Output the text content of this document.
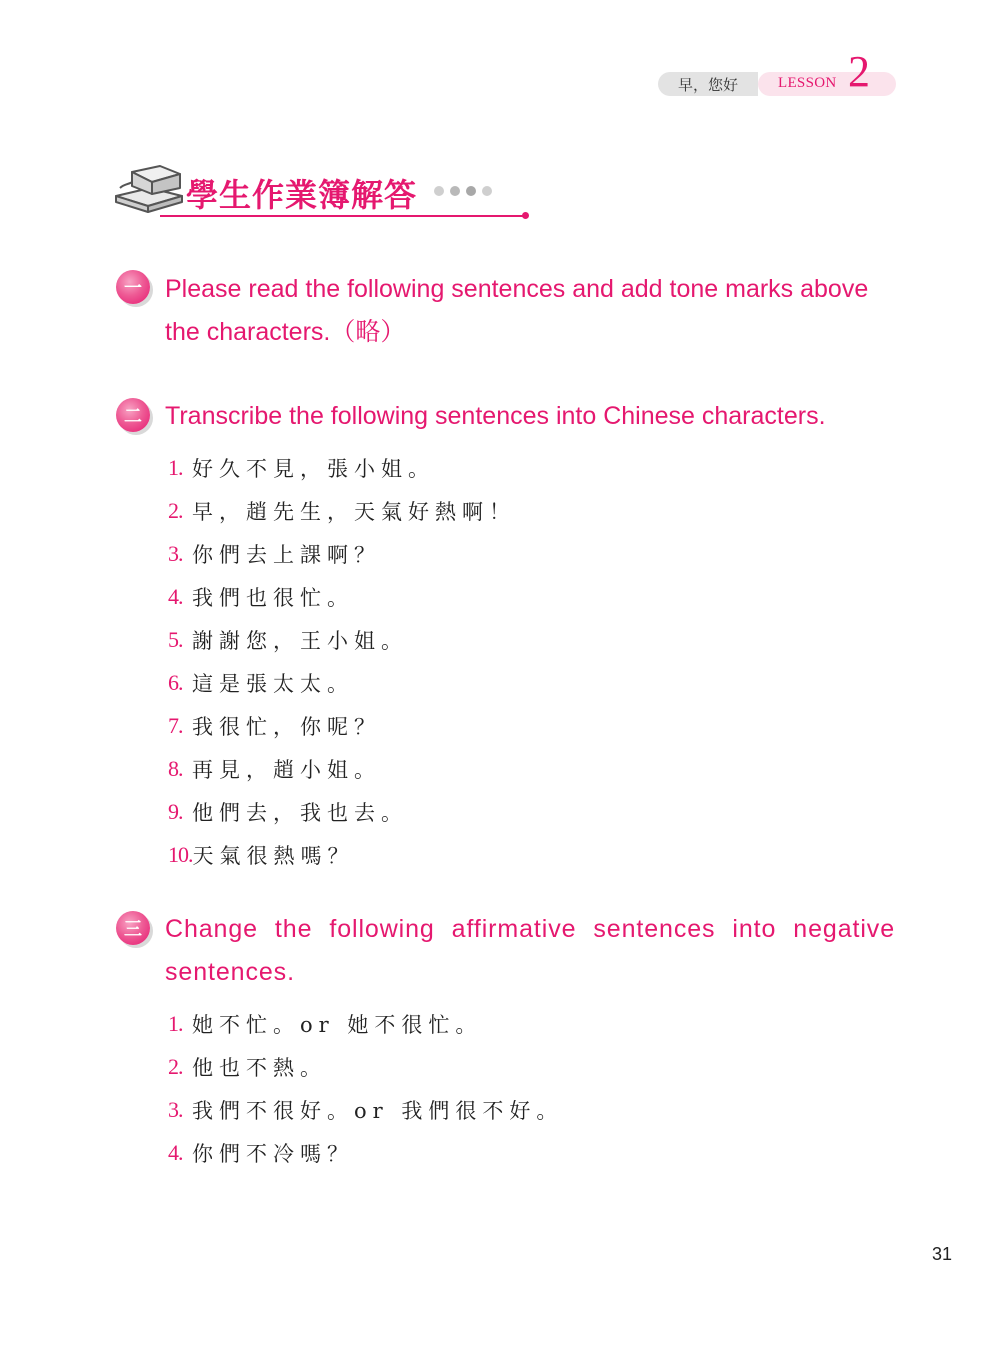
早，您好	LESSON 2
學生作業簿解答
一 Please read the following sentences and add tone marks above the characters.（略）
二 Transcribe the following sentences into Chinese characters.
1. 好久不見，張小姐。
2. 早，趙先生，天氣好熱啊！
3. 你們去上課啊？
4. 我們也很忙。
5. 謝謝您，王小姐。
6. 這是張太太。
7. 我很忙，你呢？
8. 再見，趙小姐。
9. 他們去，我也去。
10. 天氣很熱嗎？
三 Change the following affirmative sentences into negative sentences.
1. 她不忙。or 她不很忙。
2. 他也不熱。
3. 我們不很好。or 我們很不好。
4. 你們不冷嗎？
31
